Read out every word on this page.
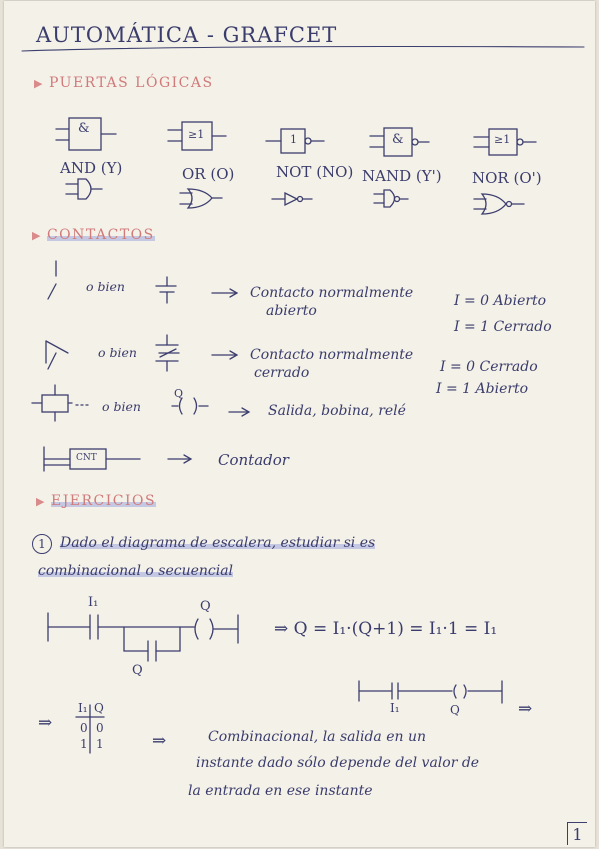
AUTOMÁTICA - GRAFCET
▶ PUERTAS LÓGICAS
&	≥1	1	&	≥1
AND (Y)	OR (O)	NOT (NO) NAND (Y') NOR (O')
▶ CONTACTOS
o bien	Contacto normalmente
abierto
I = 0 Abierto
I = 1 Cerrado
o bien	Contacto normalmente
cerrado	I = 0 Cerrado
I = 1 Abierto
o bien
Q
Salida, bobina, relé
CNT	Contador
▶ EJERCICIOS
1	Dado el diagrama de escalera, estudiar si es
combinacional o secuencial
I₁	Q
Q
⇒ Q = I₁·(Q+1) = I₁·1 = I₁
I₁	Q	⇒
⇒
I₁ Q
0 0
1 1	⇒	Combinacional, la salida en un
instante dado sólo depende del valor de
la entrada en ese instante
1
